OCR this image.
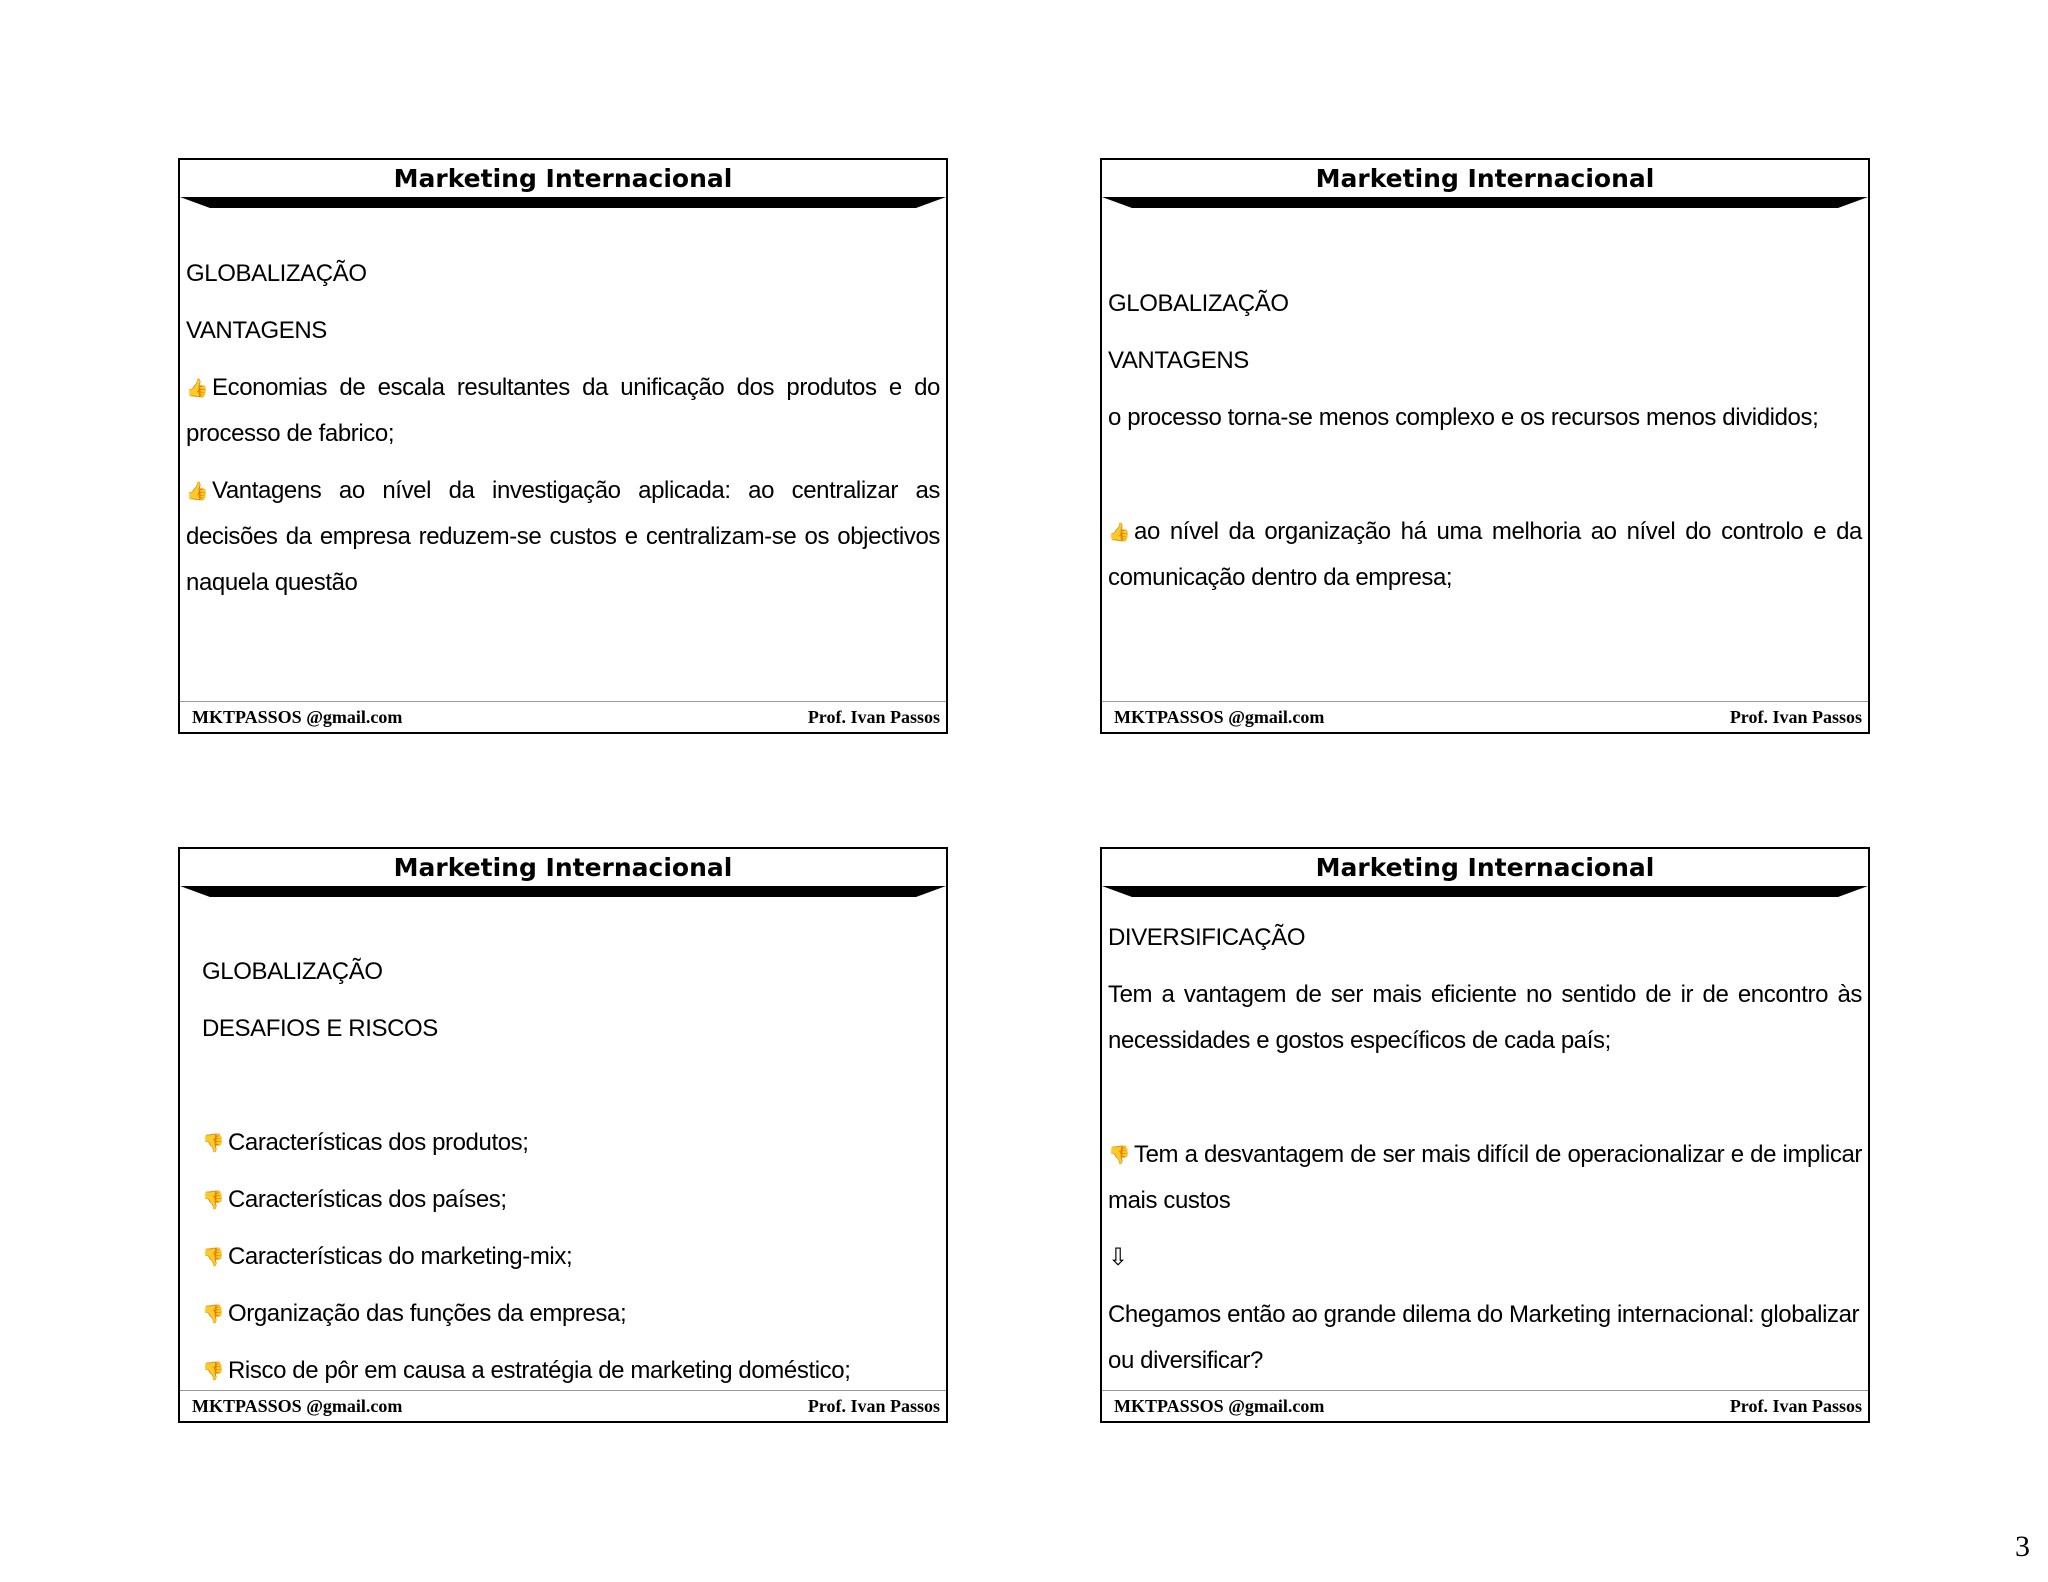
Marketing Internacional

GLOBALIZAÇÃO

VANTAGENS

👍 Economias de escala resultantes da unificação dos produtos e do processo de fabrico;

👍 Vantagens ao nível da investigação aplicada: ao centralizar as decisões da empresa reduzem-se custos e centralizam-se os objectivos naquela questão

MKTPASSOS @gmail.com	Prof. Ivan Passos
Marketing Internacional

GLOBALIZAÇÃO

VANTAGENS

o processo torna-se menos complexo e os recursos menos divididos;

👍 ao nível da organização há uma melhoria ao nível do controlo e da comunicação dentro da empresa;

MKTPASSOS @gmail.com	Prof. Ivan Passos
Marketing Internacional

GLOBALIZAÇÃO

DESAFIOS E RISCOS

👎 Características dos produtos;

👎 Características dos países;

👎 Características do marketing-mix;

👎 Organização das funções da empresa;

👎 Risco de pôr em causa a estratégia de marketing doméstico;

MKTPASSOS @gmail.com	Prof. Ivan Passos
Marketing Internacional

DIVERSIFICAÇÃO

Tem a vantagem de ser mais eficiente no sentido de ir de encontro às necessidades e gostos específicos de cada país;

👎 Tem a desvantagem de ser mais difícil de operacionalizar e de implicar mais custos

⇩

Chegamos então ao grande dilema do Marketing internacional: globalizar ou diversificar?

MKTPASSOS @gmail.com	Prof. Ivan Passos
3
